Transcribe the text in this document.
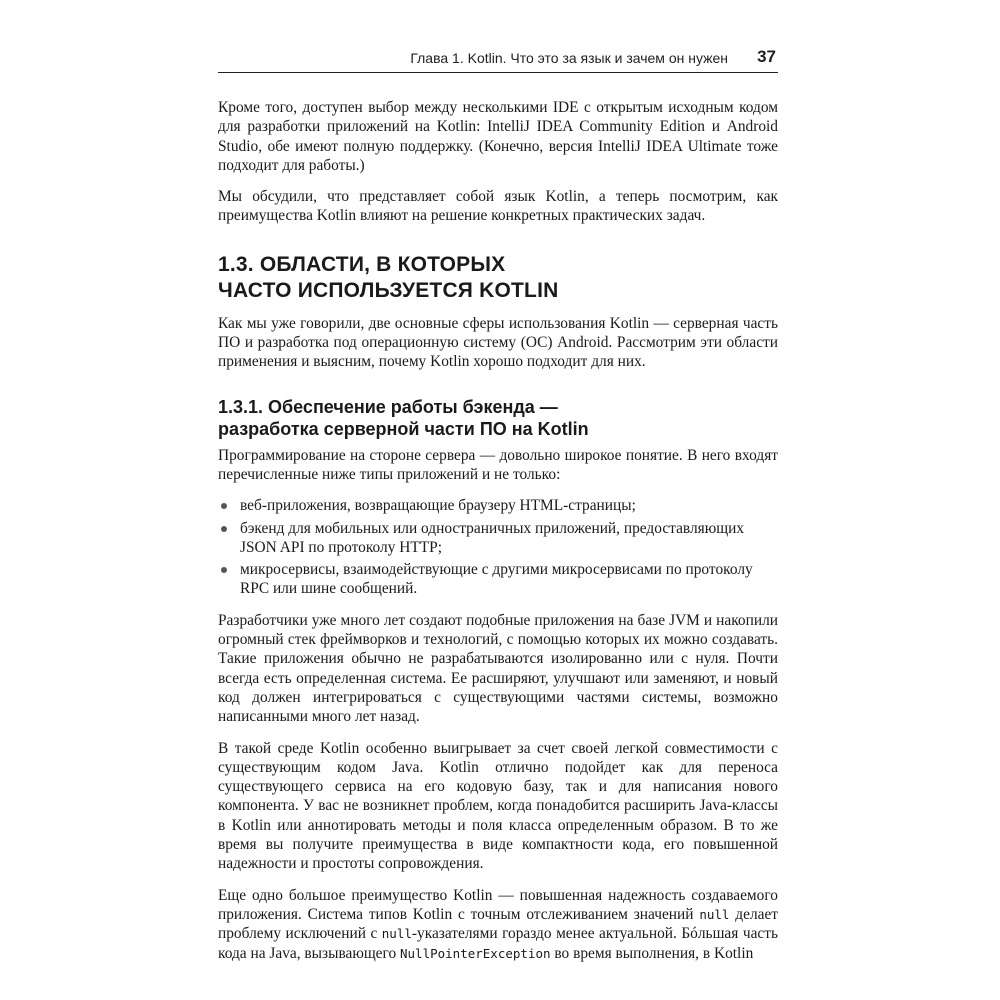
Глава 1. Kotlin. Что это за язык и зачем он нужен 37

Кроме того, доступен выбор между несколькими IDE с открытым исходным кодом для разработки приложений на Kotlin: IntelliJ IDEA Community Edition и Android Studio, обе имеют полную поддержку. (Конечно, версия IntelliJ IDEA Ultimate тоже подходит для работы.)

Мы обсудили, что представляет собой язык Kotlin, а теперь посмотрим, как преимущества Kotlin влияют на решение конкретных практических задач.

1.3. ОБЛАСТИ, В КОТОРЫХ
ЧАСТО ИСПОЛЬЗУЕТСЯ KOTLIN

Как мы уже говорили, две основные сферы использования Kotlin — серверная часть ПО и разработка под операционную систему (ОС) Android. Рассмотрим эти области применения и выясним, почему Kotlin хорошо подходит для них.

1.3.1. Обеспечение работы бэкенда —
разработка серверной части ПО на Kotlin

Программирование на стороне сервера — довольно широкое понятие. В него входят перечисленные ниже типы приложений и не только:

веб-приложения, возвращающие браузеру HTML-страницы;
бэкенд для мобильных или одностраничных приложений, предоставляющих JSON API по протоколу HTTP;
микросервисы, взаимодействующие с другими микросервисами по протоколу RPC или шине сообщений.

Разработчики уже много лет создают подобные приложения на базе JVM и накопили огромный стек фреймворков и технологий, с помощью которых их можно создавать. Такие приложения обычно не разрабатываются изолированно или с нуля. Почти всегда есть определенная система. Ее расширяют, улучшают или заменяют, и новый код должен интегрироваться с существующими частями системы, возможно написанными много лет назад.

В такой среде Kotlin особенно выигрывает за счет своей легкой совместимости с существующим кодом Java. Kotlin отлично подойдет как для переноса существующего сервиса на его кодовую базу, так и для написания нового компонента. У вас не возникнет проблем, когда понадобится расширить Java-классы в Kotlin или аннотировать методы и поля класса определенным образом. В то же время вы получите преимущества в виде компактности кода, его повышенной надежности и простоты сопровождения.

Еще одно большое преимущество Kotlin — повышенная надежность создаваемого приложения. Система типов Kotlin с точным отслеживанием значений null делает проблему исключений с null-указателями гораздо менее актуальной. Бóльшая часть кода на Java, вызывающего NullPointerException во время выполнения, в Kotlin
